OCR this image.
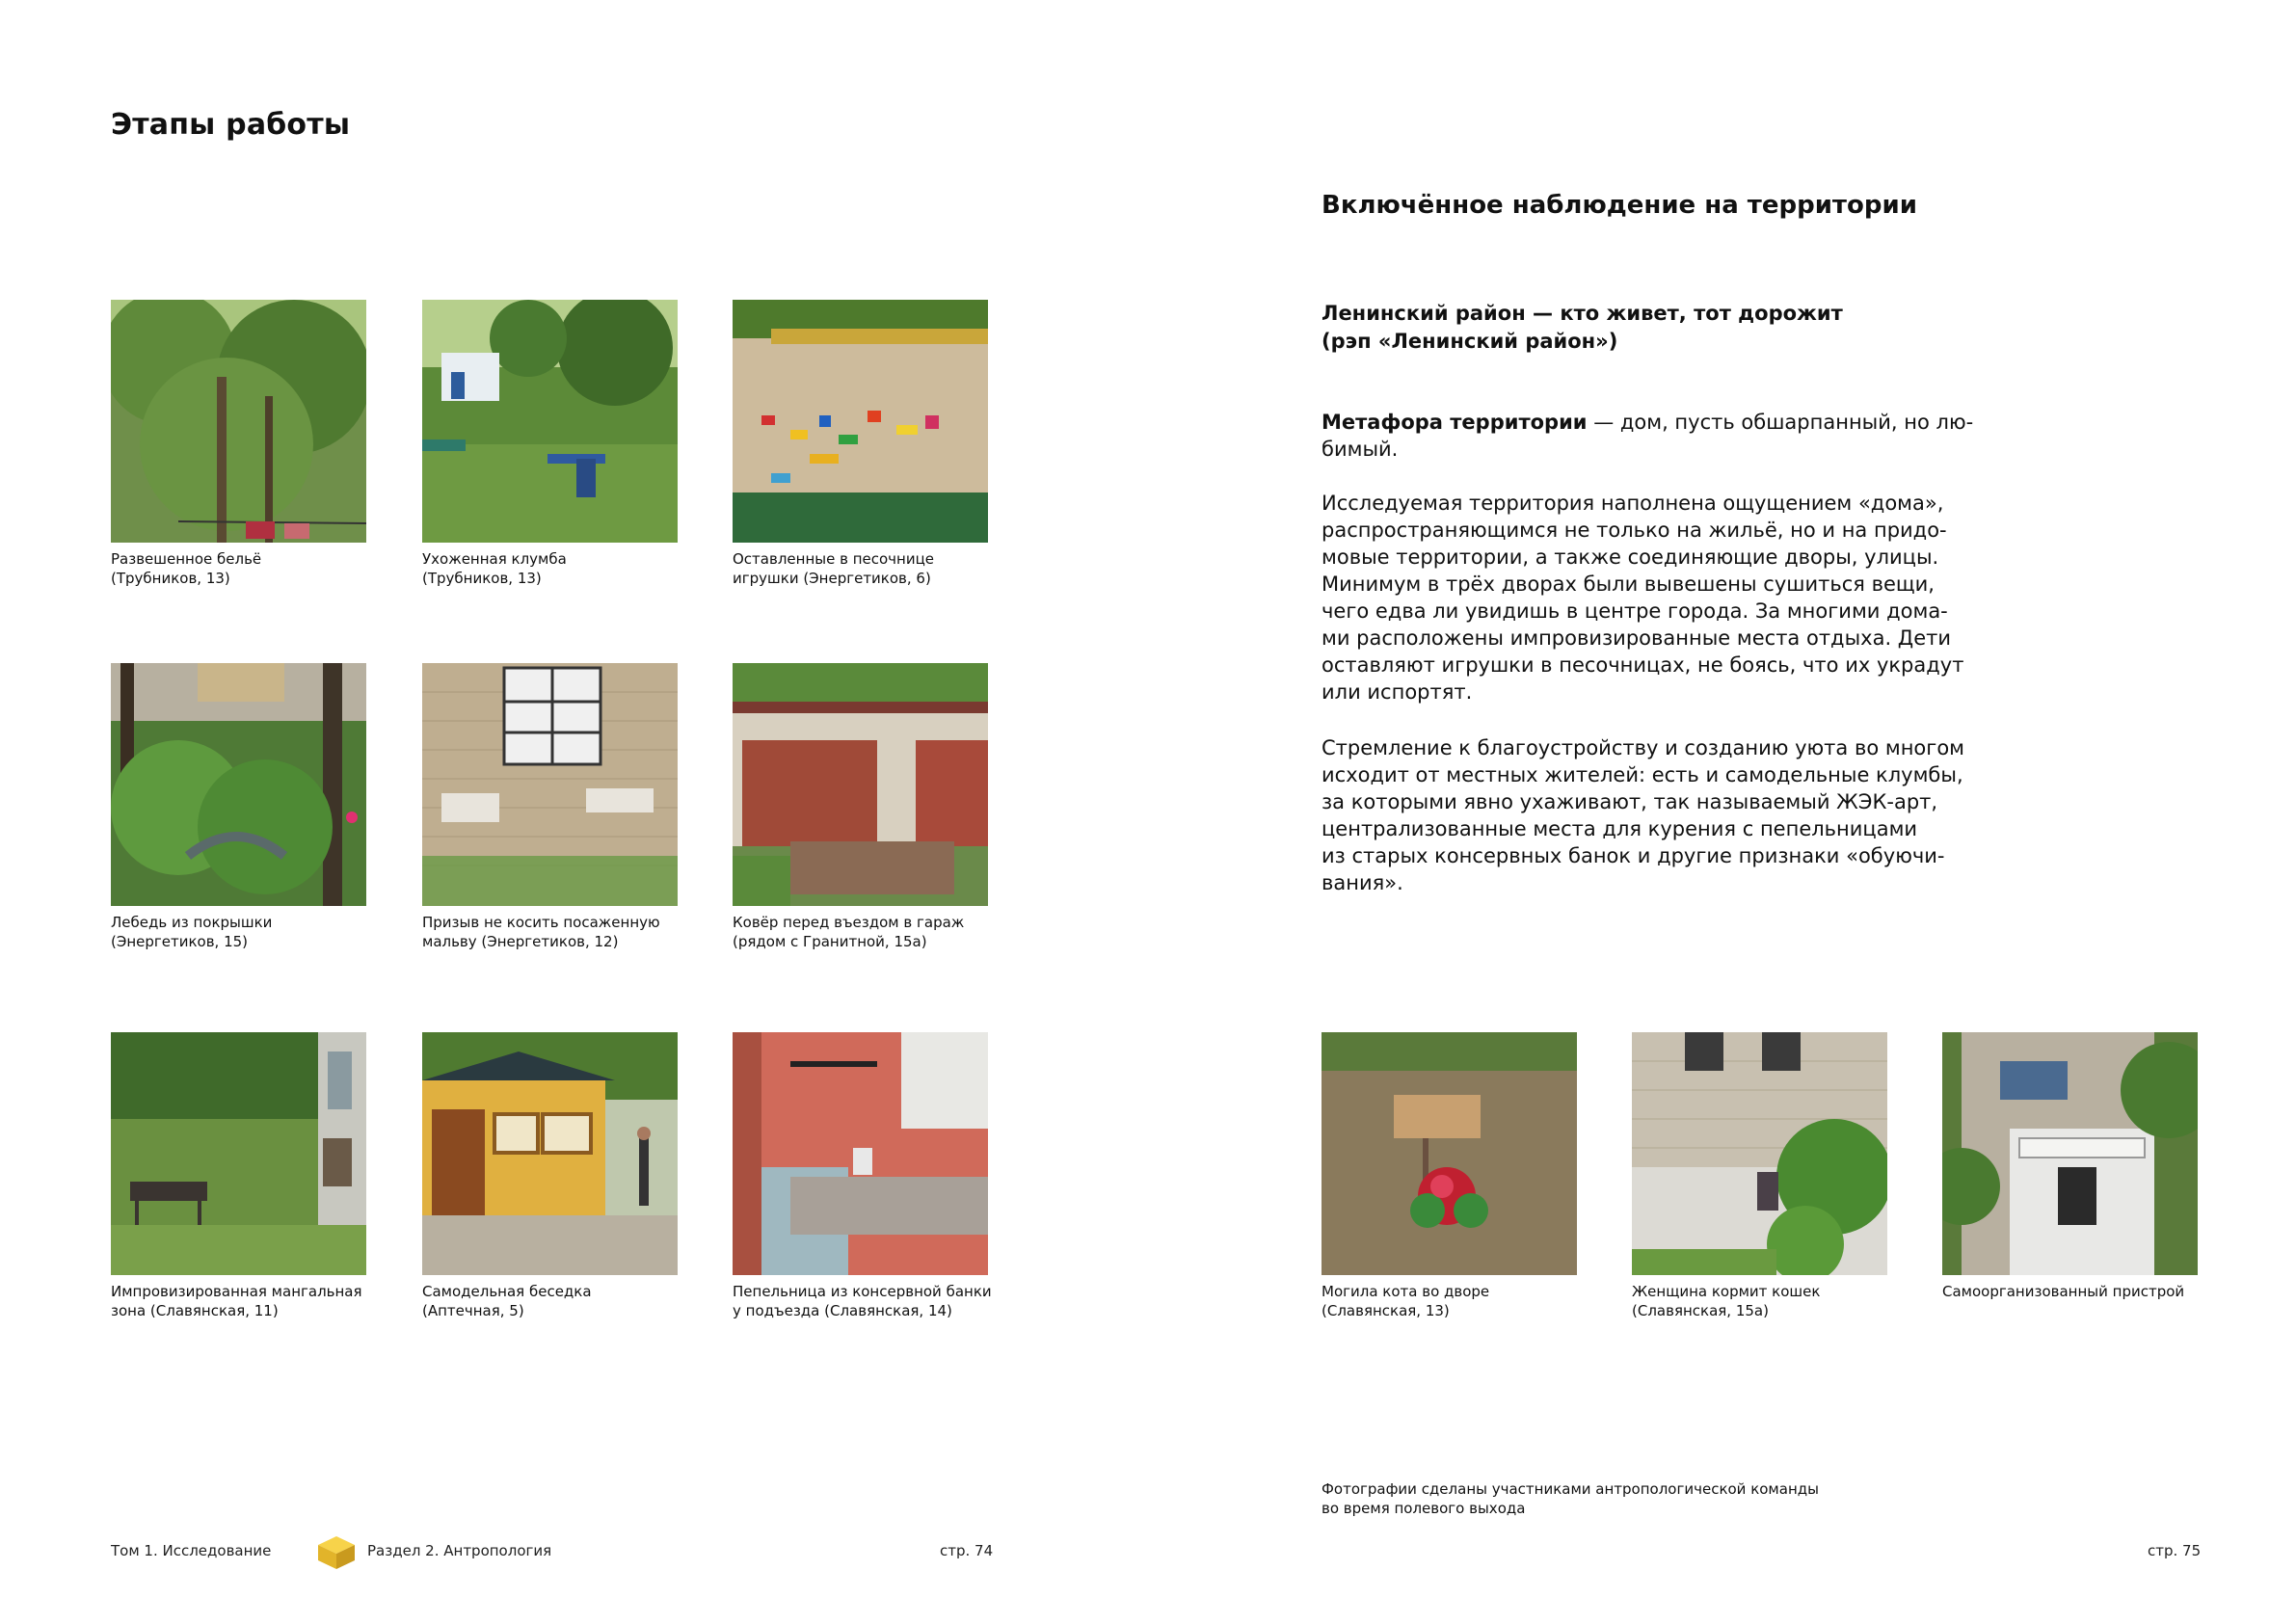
Этапы работы
Развешенное бельё
(Трубников, 13)
Ухоженная клумба
(Трубников, 13)
Оставленные в песочнице
игрушки (Энергетиков, 6)
Лебедь из покрышки
(Энергетиков, 15)
Призыв не косить посаженную
мальву (Энергетиков, 12)
Ковёр перед въездом в гараж
(рядом с Гранитной, 15а)
Импровизированная мангальная
зона (Славянская, 11)
Самодельная беседка
(Аптечная, 5)
Пепельница из консервной банки
у подъезда (Славянская, 14)
Том 1. Исследование	Раздел 2. Антропология	стр. 74
Включённое наблюдение на территории
Ленинский район — кто живет, тот дорожит
(рэп «Ленинский район»)
Метафора территории — дом, пусть обшарпанный, но лю-
бимый.
Исследуемая территория наполнена ощущением «дома»,
распространяющимся не только на жильё, но и на придо-
мовые территории, а также соединяющие дворы, улицы.
Минимум в трёх дворах были вывешены сушиться вещи,
чего едва ли увидишь в центре города. За многими дома-
ми расположены импровизированные места отдыха. Дети
оставляют игрушки в песочницах, не боясь, что их украдут
или испортят.
Стремление к благоустройству и созданию уюта во многом
исходит от местных жителей: есть и самодельные клумбы,
за которыми явно ухаживают, так называемый ЖЭК-арт,
централизованные места для курения с пепельницами
из старых консервных банок и другие признаки «обуючи-
вания».
Могила кота во дворе
(Славянская, 13)
Женщина кормит кошек
(Славянская, 15а)
Самоорганизованный пристрой
Фотографии сделаны участниками антропологической команды
во время полевого выхода
стр. 75
